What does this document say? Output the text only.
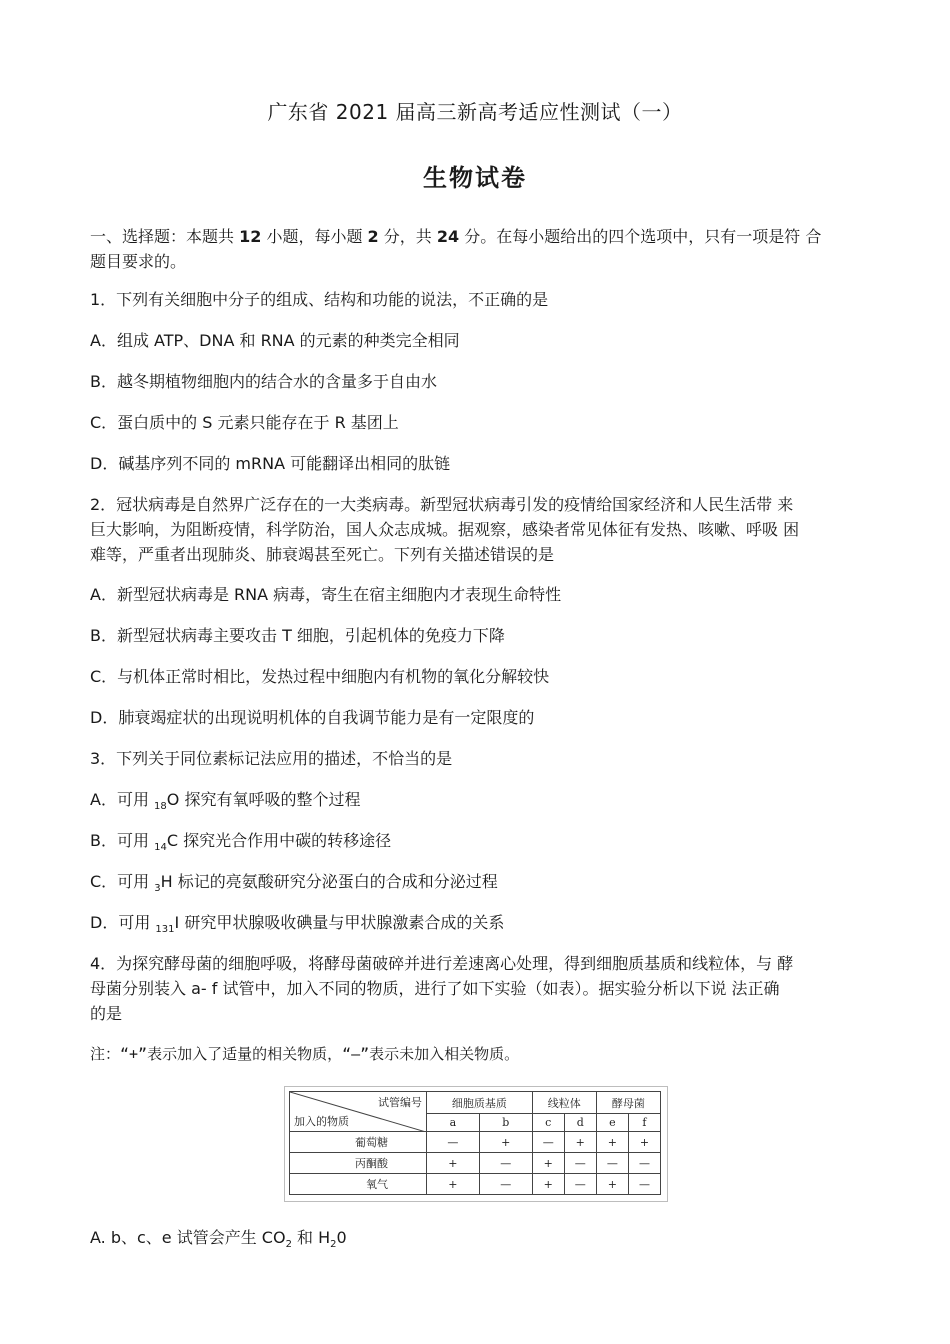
广东省 2021 届高三新高考适应性测试（一）
生物试卷
一、选择题：本题共 12 小题，每小题 2 分，共 24 分。在每小题给出的四个选项中，只有一项是符 合
题目要求的。
1．下列有关细胞中分子的组成、结构和功能的说法，不正确的是
A．组成 ATP、DNA 和 RNA 的元素的种类完全相同
B．越冬期植物细胞内的结合水的含量多于自由水
C．蛋白质中的 S 元素只能存在于 R 基团上
D．碱基序列不同的 mRNA 可能翻译出相同的肽链
2．冠状病毒是自然界广泛存在的一大类病毒。新型冠状病毒引发的疫情给国家经济和人民生活带 来
巨大影响，为阻断疫情，科学防治，国人众志成城。据观察，感染者常见体征有发热、咳嗽、呼吸 困
难等，严重者出现肺炎、肺衰竭甚至死亡。下列有关描述错误的是
A．新型冠状病毒是 RNA 病毒，寄生在宿主细胞内才表现生命特性
B．新型冠状病毒主要攻击 T 细胞，引起机体的免疫力下降
C．与机体正常时相比，发热过程中细胞内有机物的氧化分解较快
D．肺衰竭症状的出现说明机体的自我调节能力是有一定限度的
3．下列关于同位素标记法应用的描述，不恰当的是
A．可用 $_{18}$O 探究有氧呼吸的整个过程
B．可用 $_{14}$C 探究光合作用中碳的转移途径
C．可用 $_3$H 标记的亮氨酸研究分泌蛋白的合成和分泌过程
D．可用 $_{131}$I 研究甲状腺吸收碘量与甲状腺激素合成的关系
4．为探究酵母菌的细胞呼吸，将酵母菌破碎并进行差速离心处理，得到细胞质基质和线粒体，与 酵
母菌分别装入 a- f 试管中，加入不同的物质，进行了如下实验（如表）。据实验分析以下说 法正确
的是
注：“+”表示加入了适量的相关物质，“—”表示未加入相关物质。
试管编号
加入的物质	细胞质基质		线粒体		酵母菌	
	a	b	c	d	e	f
葡萄糖	—	+	—	+	+	+
丙酮酸	+	—	+	—	—	—
氧气	+	—	+	—	+	—
A. b、c、e 试管会产生 $CO_2$ 和 $H_20$
